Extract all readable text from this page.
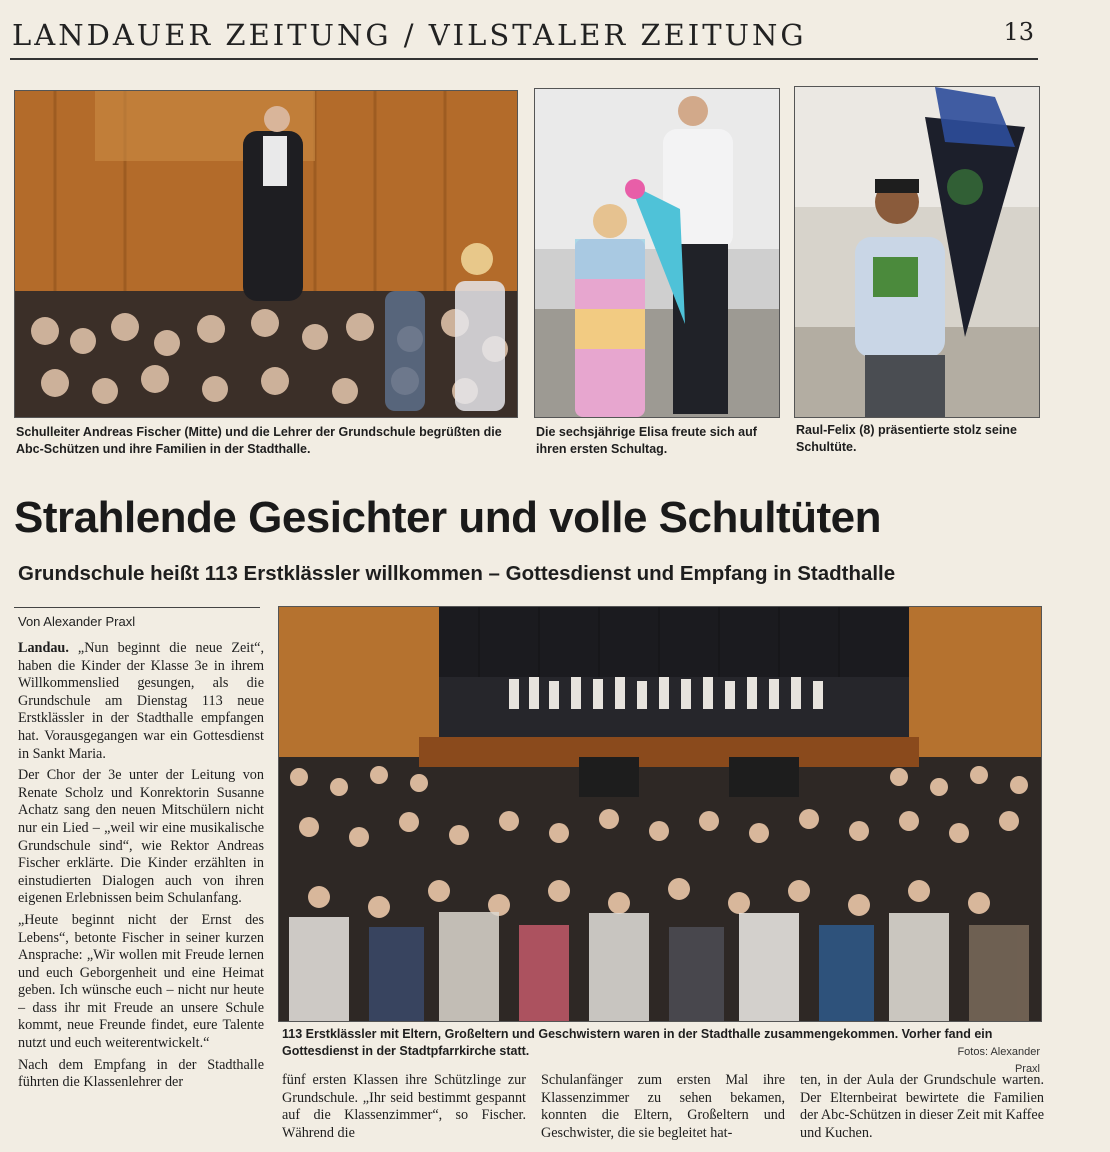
LANDAUER ZEITUNG / VILSTALER ZEITUNG	13
Schulleiter Andreas Fischer (Mitte) und die Lehrer der Grundschule begrüßten die Abc-Schützen und ihre Familien in der Stadthalle.
Die sechsjährige Elisa freute sich auf ihren ersten Schultag.
Raul-Felix (8) präsentierte stolz seine Schultüte.
Strahlende Gesichter und volle Schultüten
Grundschule heißt 113 Erstklässler willkommen – Gottesdienst und Empfang in Stadthalle
Von Alexander Praxl
113 Erstklässler mit Eltern, Großeltern und Geschwistern waren in der Stadthalle zusammengekommen. Vorher fand ein Gottesdienst in der Stadtpfarrkirche statt.	Fotos: Alexander Praxl

Landau. „Nun beginnt die neue Zeit“, haben die Kinder der Klasse 3e in ihrem Willkommenslied gesungen, als die Grundschule am Dienstag 113 neue Erstklässler in der Stadthalle empfangen hat. Vorausgegangen war ein Gottesdienst in Sankt Maria.

Der Chor der 3e unter der Leitung von Renate Scholz und Konrektorin Susanne Achatz sang den neuen Mitschülern nicht nur ein Lied – „weil wir eine musikalische Grundschule sind“, wie Rektor Andreas Fischer erklärte. Die Kinder erzählten in einstudierten Dialogen auch von ihren eigenen Erlebnissen beim Schulanfang.

„Heute beginnt nicht der Ernst des Lebens“, betonte Fischer in seiner kurzen Ansprache: „Wir wollen mit Freude lernen und euch Geborgenheit und eine Heimat geben. Ich wünsche euch – nicht nur heute – dass ihr mit Freude an unsere Schule kommt, neue Freunde findet, eure Talente nutzt und euch weiterentwickelt.“

Nach dem Empfang in der Stadthalle führten die Klassenlehrer der	fünf ersten Klassen ihre Schützlinge zur Grundschule. „Ihr seid bestimmt gespannt auf die Klassenzimmer“, so Fischer. Während die

Schulanfänger zum ersten Mal ihre Klassenzimmer zu sehen bekamen, konnten die Eltern, Großeltern und Geschwister, die sie begleitet hat-

ten, in der Aula der Grundschule warten. Der Elternbeirat bewirtete die Familien der Abc-Schützen in dieser Zeit mit Kaffee und Kuchen.
